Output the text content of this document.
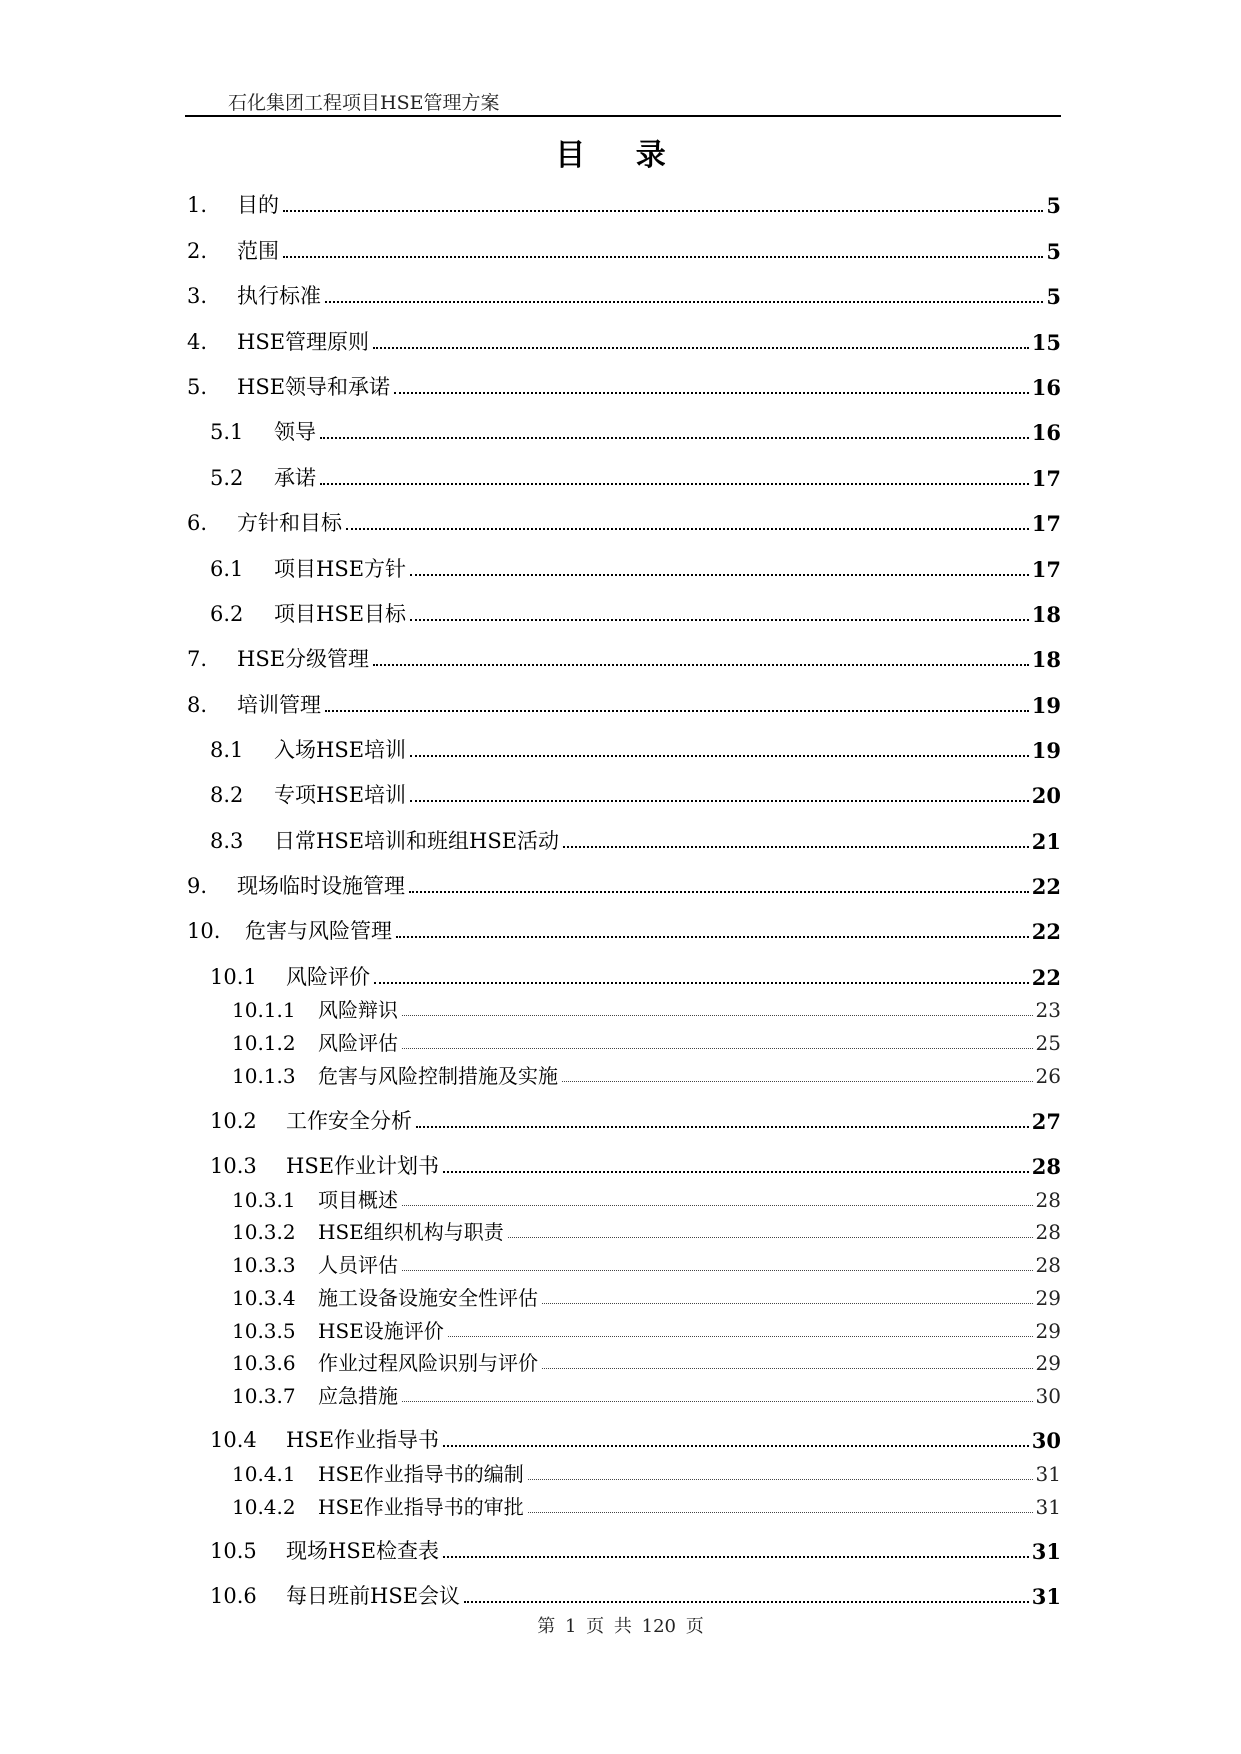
石化集团工程项目HSE管理方案
目 录
1.	目的	5
2.	范围	5
3.	执行标准	5
4.	HSE管理原则	15
5.	HSE领导和承诺	16
5.1	领导	16
5.2	承诺	17
6.	方针和目标	17
6.1	项目HSE方针	17
6.2	项目HSE目标	18
7.	HSE分级管理	18
8.	培训管理	19
8.1	入场HSE培训	19
8.2	专项HSE培训	20
8.3	日常HSE培训和班组HSE活动	21
9.	现场临时设施管理	22
10.	危害与风险管理	22
10.1	风险评价	22
10.1.1	风险辩识	23
10.1.2	风险评估	25
10.1.3	危害与风险控制措施及实施	26
10.2	工作安全分析	27
10.3	HSE作业计划书	28
10.3.1	项目概述	28
10.3.2	HSE组织机构与职责	28
10.3.3	人员评估	28
10.3.4	施工设备设施安全性评估	29
10.3.5	HSE设施评价	29
10.3.6	作业过程风险识别与评价	29
10.3.7	应急措施	30
10.4	HSE作业指导书	30
10.4.1	HSE作业指导书的编制	31
10.4.2	HSE作业指导书的审批	31
10.5	现场HSE检查表	31
10.6	每日班前HSE会议	31
第 1 页 共 120 页
